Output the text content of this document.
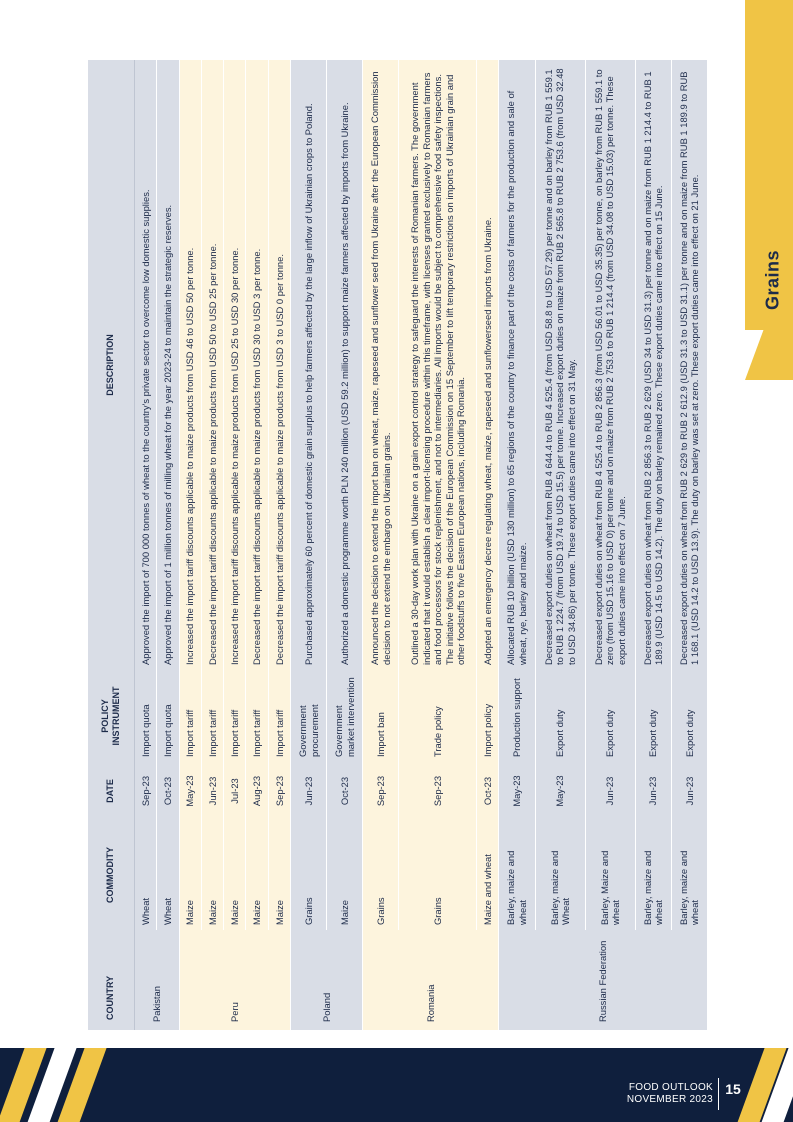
Grains
COUNTRY	COMMODITY	DATE	POLICY INSTRUMENT	DESCRIPTION
Pakistan	Wheat	Sep-23	Import quota	Approved the import of 700 000 tonnes of wheat to the country's private sector to overcome low domestic supplies.
	Wheat	Oct-23	Import quota	Approved the import of 1 million tonnes of milling wheat for the year 2023-24 to maintain the strategic reserves.
Peru	Maize	May-23	Import tariff	Increased the import tariff discounts applicable to maize products from USD 46 to USD 50 per tonne.
	Maize	Jun-23	Import tariff	Decreased the import tariff discounts applicable to maize products from USD 50 to USD 25 per tonne.
	Maize	Jul-23	Import tariff	Increased the import tariff discounts applicable to maize products from USD 25 to USD 30 per tonne.
	Maize	Aug-23	Import tariff	Decreased the import tariff discounts applicable to maize products from USD 30 to USD 3 per tonne.
	Maize	Sep-23	Import tariff	Decreased the import tariff discounts applicable to maize products from USD 3 to USD 0 per tonne.
Poland	Grains	Jun-23	Government procurement	Purchased approximately 60 percent of domestic grain surplus to help farmers affected by the large inflow of Ukrainian crops to Poland.
	Maize	Oct-23	Government market intervention	Authorized a domestic programme worth PLN 240 million (USD 59.2 million) to support maize farmers affected by imports from Ukraine.
Romania	Grains	Sep-23	Import ban	Announced the decision to extend the import ban on wheat, maize, rapeseed and sunflower seed from Ukraine after the European Commission decision to not extend the embargo on Ukrainian grains.
	Grains	Sep-23	Trade policy	Outlined a 30-day work plan with Ukraine on a grain export control strategy to safeguard the interests of Romanian farmers. The government indicated that it would establish a clear import-licensing procedure within this timeframe, with licenses granted exclusively to Romanian farmers and food processors for stock replenishment, and not to intermediaries. All imports would be subject to comprehensive food safety inspections. The initiative follows the decision of the European Commission on 15 September to lift temporary restrictions on imports of Ukrainian grain and other foodstuffs to five Eastern European nations, including Romania.
	Maize and wheat	Oct-23	Import policy	Adopted an emergency decree regulating wheat, maize, rapeseed and sunflowerseed imports from Ukraine.
Russian Federation	Barley, maize and wheat	May-23	Production support	Allocated RUB 10 billion (USD 130 million) to 65 regions of the country to finance part of the costs of farmers for the production and sale of wheat, rye, barley and maize.
	Barley, maize and Wheat	May-23	Export duty	Decreased export duties on wheat from RUB 4 644.4 to RUB 4 525.4 (from USD 58.8 to USD 57.29) per tonne and on barley from RUB 1 559.1 to RUB 1 224.7 (from USD 19.74 to USD 15.5) per tonne. Increased export duties on maize from RUB 2 565.8 to RUB 2 753.6 (from USD 32.48 to USD 34.86) per tonne. These export duties came into effect on 31 May.
	Barley, Maize and wheat	Jun-23	Export duty	Decreased export duties on wheat from RUB 4 525.4 to RUB 2 856.3 (from USD 56.01 to USD 35.35) per tonne, on barley from RUB 1 559.1 to zero (from USD 15.16 to USD 0) per tonne and on maize from RUB 2 753.6 to RUB 1 214.4 (from USD 34.08 to USD 15.03) per tonne. These export duties came into effect on 7 June.
	Barley, maize and wheat	Jun-23	Export duty	Decreased export duties on wheat from RUB 2 856.3 to RUB 2 629 (USD 34 to USD 31.3) per tonne and on maize from RUB 1 214.4 to RUB 1 189.9 (USD 14.5 to USD 14.2). The duty on barley remained zero. These export duties came into effect on 15 June.
	Barley, maize and wheat	Jun-23	Export duty	Decreased export duties on wheat from RUB 2 629 to RUB 2 612.9 (USD 31.3 to USD 31.1) per tonne and on maize from RUB 1 189.9 to RUB 1 168.1 (USD 14.2 to USD 13.9). The duty on barley was set at zero. These export duties came into effect on 21 June.
FOOD OUTLOOK
NOVEMBER 2023
15
